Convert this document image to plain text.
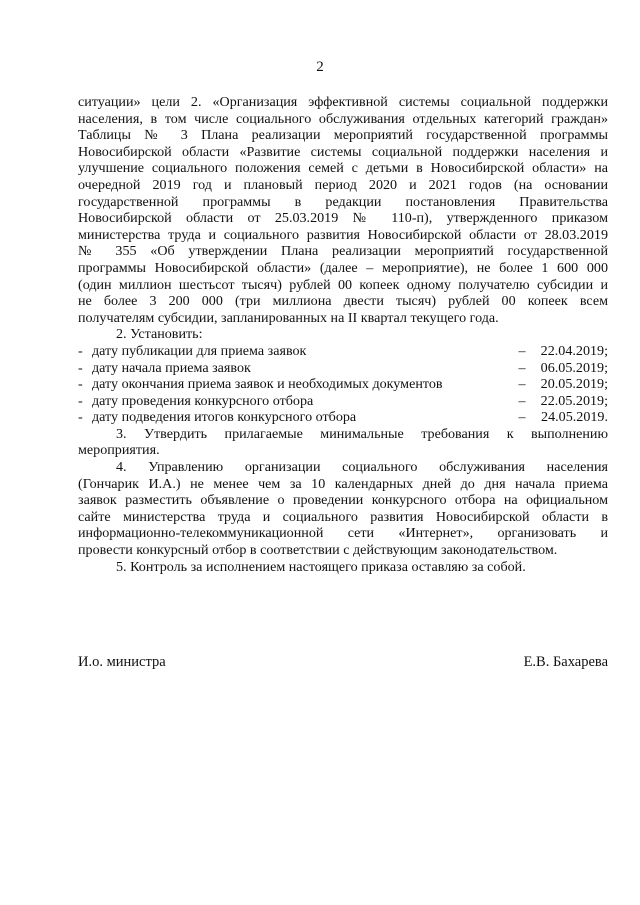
2
ситуации» цели 2. «Организация эффективной системы социальной поддержки
населения, в том числе социального обслуживания отдельных категорий граждан»
Таблицы № 3 Плана реализации мероприятий государственной программы
Новосибирской области «Развитие системы социальной поддержки населения и
улучшение социального положения семей с детьми в Новосибирской области» на
очередной 2019 год и плановый период 2020 и 2021 годов (на основании
государственной программы в редакции постановления Правительства
Новосибирской области от 25.03.2019 № 110-п), утвержденного приказом
министерства труда и социального развития Новосибирской области от 28.03.2019
№ 355 «Об утверждении Плана реализации мероприятий государственной
программы Новосибирской области» (далее – мероприятие), не более 1 600 000
(один миллион шестьсот тысяч) рублей 00 копеек одному получателю субсидии и
не более 3 200 000 (три миллиона двести тысяч) рублей 00 копеек всем
получателям субсидии, запланированных на II квартал текущего года.
2. Установить:
- дату публикации для приема заявок	–	22.04.2019;
- дату начала приема заявок	–	06.05.2019;
- дату окончания приема заявок и необходимых документов	–	20.05.2019;
- дату проведения конкурсного отбора	–	22.05.2019;
- дату подведения итогов конкурсного отбора	–	24.05.2019.
3. Утвердить прилагаемые минимальные требования к выполнению
мероприятия.
4. Управлению организации социального обслуживания населения
(Гончарик И.А.) не менее чем за 10 календарных дней до дня начала приема
заявок разместить объявление о проведении конкурсного отбора на официальном
сайте министерства труда и социального развития Новосибирской области в
информационно-телекоммуникационной сети «Интернет», организовать и
провести конкурсный отбор в соответствии с действующим законодательством.
5. Контроль за исполнением настоящего приказа оставляю за собой.
И.о. министра	Е.В. Бахарева
